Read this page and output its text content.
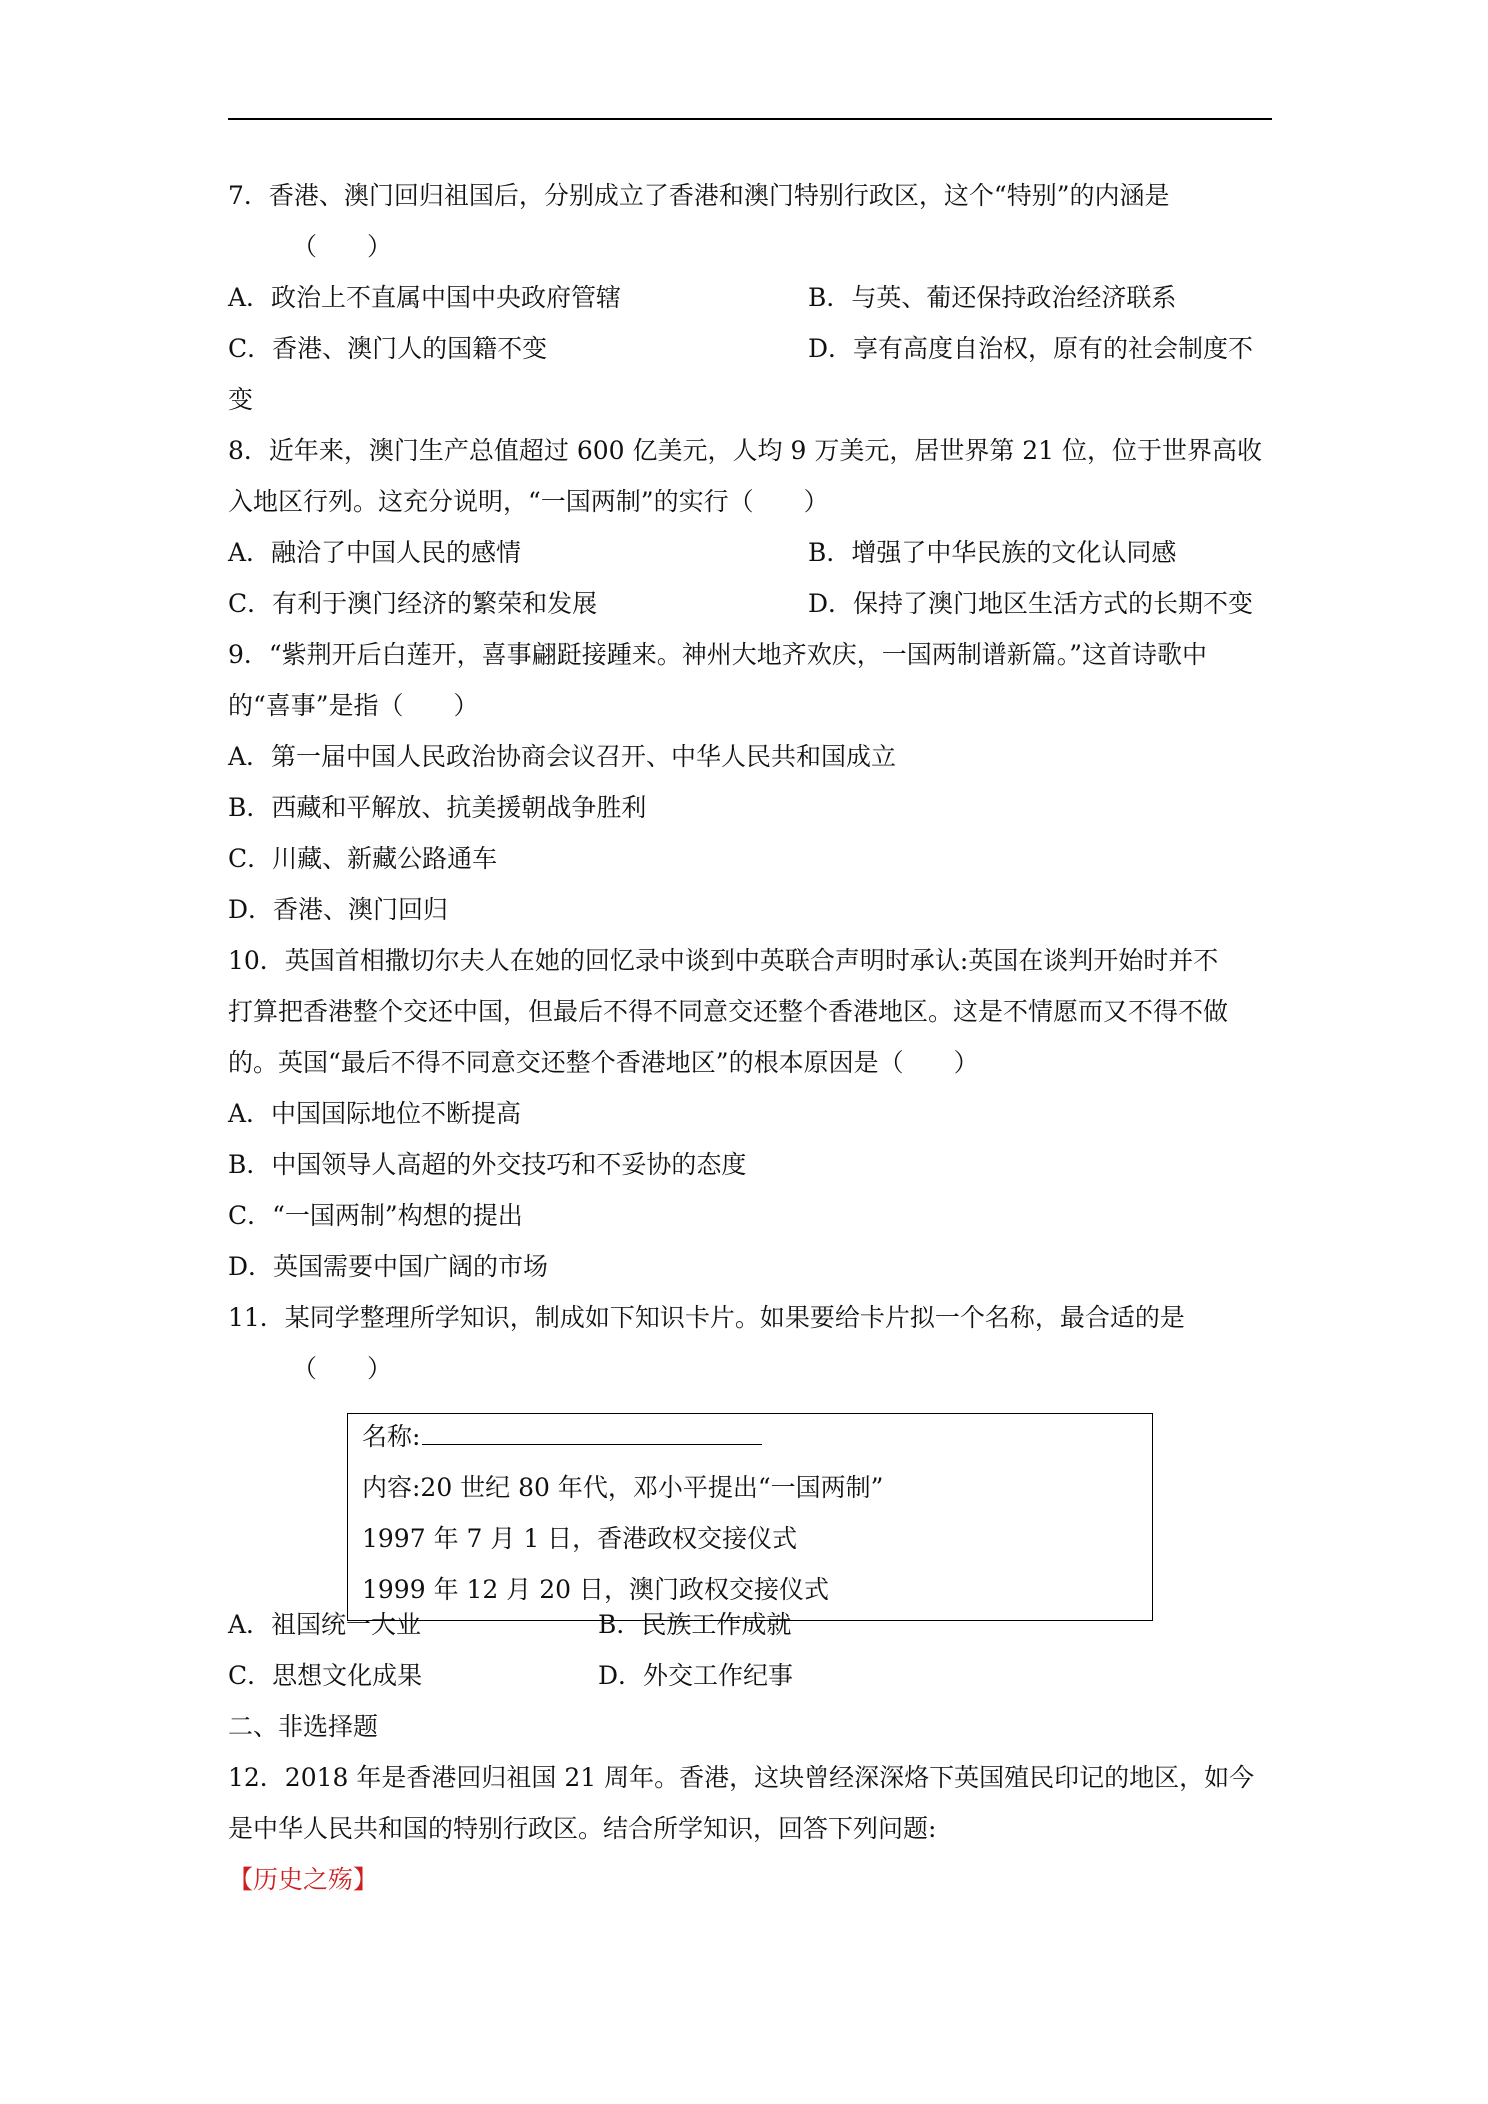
7．香港、澳门回归祖国后，分别成立了香港和澳门特别行政区，这个“特别”的内涵是
（　　）
A．政治上不直属中国中央政府管辖	B．与英、葡还保持政治经济联系
C．香港、澳门人的国籍不变	D．享有高度自治权，原有的社会制度不
变
8．近年来，澳门生产总值超过 600 亿美元，人均 9 万美元，居世界第 21 位，位于世界高收
入地区行列。这充分说明，“一国两制”的实行（　　）
A．融洽了中国人民的感情	B．增强了中华民族的文化认同感
C．有利于澳门经济的繁荣和发展	D．保持了澳门地区生活方式的长期不变
9．“紫荆开后白莲开，喜事翩跹接踵来。神州大地齐欢庆，一国两制谱新篇。”这首诗歌中
的“喜事”是指（　　）
A．第一届中国人民政治协商会议召开、中华人民共和国成立
B．西藏和平解放、抗美援朝战争胜利
C．川藏、新藏公路通车
D．香港、澳门回归
10．英国首相撒切尔夫人在她的回忆录中谈到中英联合声明时承认:英国在谈判开始时并不
打算把香港整个交还中国，但最后不得不同意交还整个香港地区。这是不情愿而又不得不做
的。英国“最后不得不同意交还整个香港地区”的根本原因是（　　）
A．中国国际地位不断提高
B．中国领导人高超的外交技巧和不妥协的态度
C．“一国两制”构想的提出
D．英国需要中国广阔的市场
11．某同学整理所学知识，制成如下知识卡片。如果要给卡片拟一个名称，最合适的是
（　　）
名称:
内容:20 世纪 80 年代，邓小平提出“一国两制”
1997 年 7 月 1 日，香港政权交接仪式
1999 年 12 月 20 日，澳门政权交接仪式
A．祖国统一大业	B．民族工作成就
C．思想文化成果	D．外交工作纪事
二、非选择题
12．2018 年是香港回归祖国 21 周年。香港，这块曾经深深烙下英国殖民印记的地区，如今
是中华人民共和国的特别行政区。结合所学知识，回答下列问题:
【历史之殇】
